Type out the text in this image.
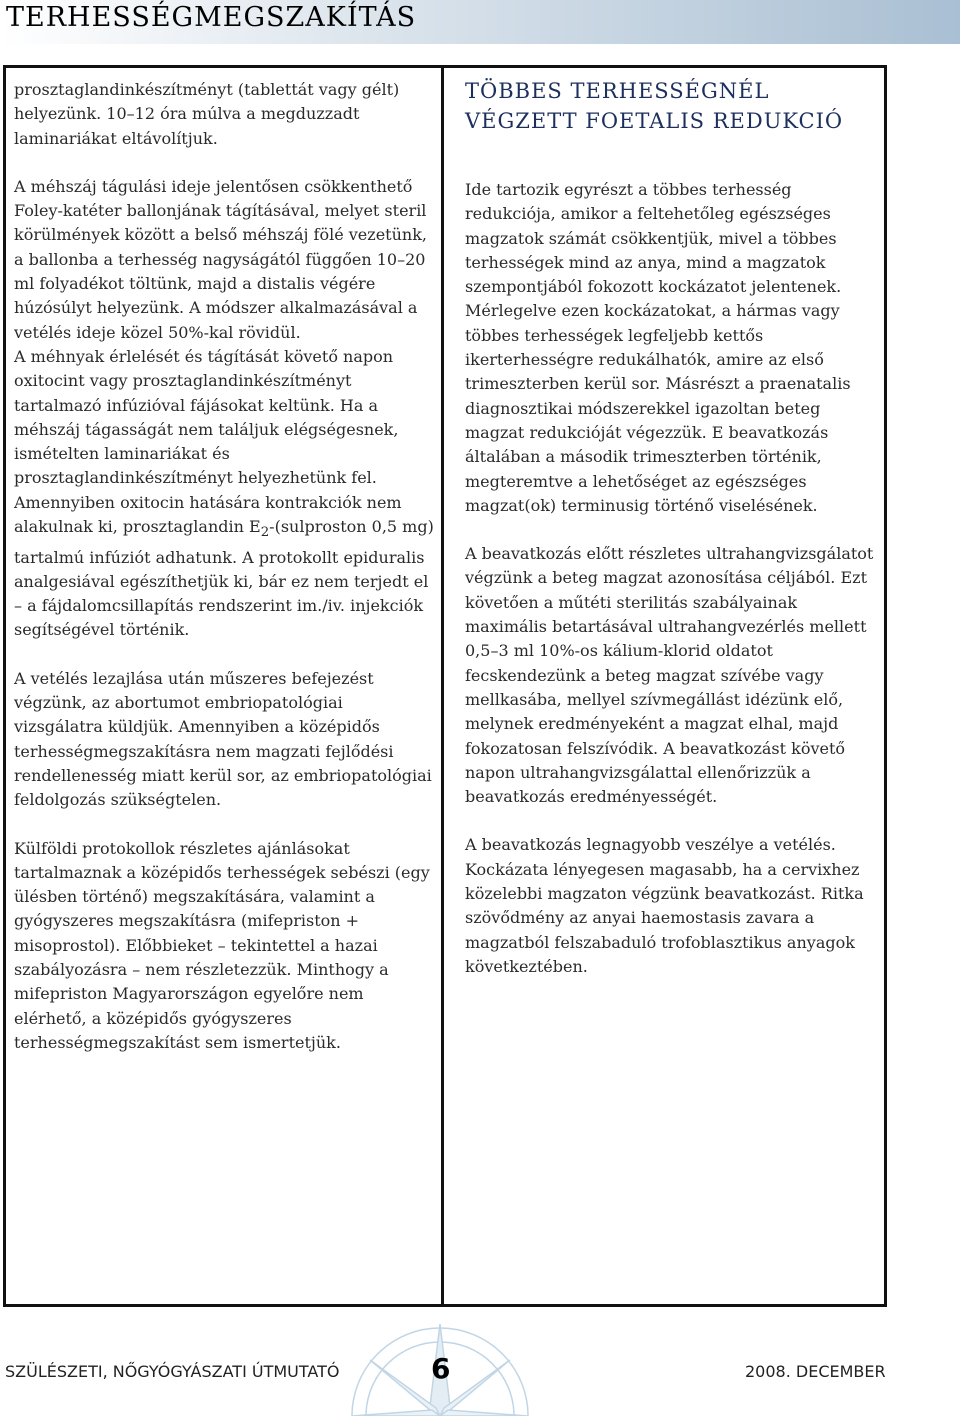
TERHESSÉGMEGSZAKÍTÁS

prosztaglandinkészítményt (tablettát vagy gélt) helyezünk. 10–12 óra múlva a megduzzadt laminariákat eltávolítjuk.

A méhszáj tágulási ideje jelentősen csökkenthető Foley-katéter ballonjának tágításával, melyet steril körülmények között a belső méhszáj fölé vezetünk, a ballonba a terhesség nagyságától függően 10–20 ml folyadékot töltünk, majd a distalis végére húzósúlyt helyezünk. A módszer alkalmazásával a vetélés ideje közel 50%-kal rövidül.

A méhnyak érlelését és tágítását követő napon oxitocint vagy prosztaglandinkészítményt tartalmazó infúzióval fájásokat keltünk. Ha a méhszáj tágasságát nem találjuk elégségesnek, ismételten laminariákat és prosztaglandinkészítményt helyezhetünk fel. Amennyiben oxitocin hatására kontrakciók nem alakulnak ki, prosztaglandin $E_2-(sulproston$ 0,5 mg) tartalmú infúziót adhatunk. A protokollt epiduralis analgesiával egészíthetjük ki, bár ez nem terjedt el – a fájdalomcsillapítás rendszerint im./iv. injekciók segítségével történik.

A vetélés lezajlása után műszeres befejezést végzünk, az abortumot embriopatológiai vizsgálatra küldjük. Amennyiben a középidős terhességmegszakításra nem magzati fejlődési rendellenesség miatt kerül sor, az embriopatológiai feldolgozás szükségtelen.

Külföldi protokollok részletes ajánlásokat tartalmaznak a középidős terhességek sebészi (egy ülésben történő) megszakítására, valamint a gyógyszeres megszakításra (mifepriston + misoprostol). Előbbieket – tekintettel a hazai szabályozásra – nem részletezzük. Minthogy a mifepriston Magyarországon egyelőre nem elérhető, a középidős gyógyszeres terhességmegszakítást sem ismertetjük.

TÖBBES TERHESSÉGNÉL VÉGZETT FOETALIS REDUKCIÓ

Ide tartozik egyrészt a többes terhesség redukciója, amikor a feltehetőleg egészséges magzatok számát csökkentjük, mivel a többes terhességek mind az anya, mind a magzatok szempontjából fokozott kockázatot jelentenek. Mérlegelve ezen kockázatokat, a hármas vagy többes terhességek legfeljebb kettős ikerterhességre redukálhatók, amire az első trimeszterben kerül sor. Másrészt a praenatalis diagnosztikai módszerekkel igazoltan beteg magzat redukcióját végezzük. E beavatkozás általában a második trimeszterben történik, megteremtve a lehetőséget az egészséges magzat(ok) terminusig történő viselésének.

A beavatkozás előtt részletes ultrahangvizsgálatot végzünk a beteg magzat azonosítása céljából. Ezt követően a műtéti sterilitás szabályainak maximális betartásával ultrahangvezérlés mellett 0,5–3 ml 10%-os kálium-klorid oldatot fecskendezünk a beteg magzat szívébe vagy mellkasába, mellyel szívmegállást idézünk elő, melynek eredményeként a magzat elhal, majd fokozatosan felszívódik. A beavatkozást követő napon ultrahangvizsgálattal ellenőrizzük a beavatkozás eredményességét.

A beavatkozás legnagyobb veszélye a vetélés. Kockázata lényegesen magasabb, ha a cervixhez közelebbi magzaton végzünk beavatkozást. Ritka szövődmény az anyai haemostasis zavara a magzatból felszabaduló trofoblasztikus anyagok következtében.

SZÜLÉSZETI, NŐGYÓGYÁSZATI ÚTMUTATÓ	6	2008. DECEMBER
